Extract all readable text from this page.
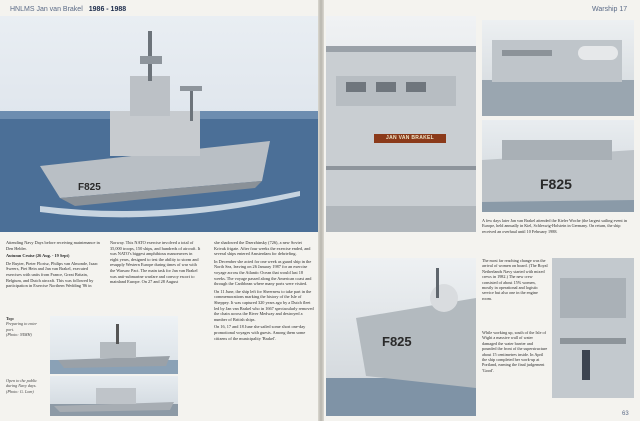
HNLMS Jan van Brakel 1986 - 1988
F825

Attending Navy Days before receiving maintenance in Den Helder.

Autumn Cruise (26 Aug. - 19 Sept)

De Ruyter, Pieter Florisz, Philips van Almonde, Isaac Sweers, Piet Hein and Jan van Brakel, executed exercises with units from France, Great Britain, Belgium, and Dutch aircraft. This was followed by participation in Exercise Northern Wedding '86 in

Top:
Preparing to enter port.
(Photo: NIMH)
Open to the public during Navy days.
(Photo: G. Lom)

Norway. This NATO exercise involved a total of 35,000 troops, 150 ships, and hundreds of aircraft. It was NATO's biggest amphibious manoeuvres in eight years, designed to test the ability to storm and resupply Western Europe during times of war with the Warsaw Pact. The main task for Jan van Brakel was anti-submarine warfare and convoy escort to mainland Europe. On 27 and 28 August

she shadowed the Dzerzhinsky (726), a new Soviet Krivak frigate. After four weeks the exercise ended, and several ships entered Amsterdam for debriefing.

In December she acted for one week as guard ship in the North Sea, leaving on 26 January 1987 for an exercise voyage across the Atlantic Ocean that would last 18 weeks. The voyage passed along the American coast and through the Caribbean where many ports were visited.

On 11 June, the ship left for Sheerness to take part in the commemorations marking the history of the Isle of Sheppey. It was captured 320 years ago by a Dutch fleet led by Jan van Brakel who in 1667 spectacularly removed the chain across the River Medway and destroyed a number of British ships.

On 16, 17 and 18 June she sailed some short one-day promotional voyages with guests. Among them some citizens of the municipality 'Brakel'.

Warship 17
JAN VAN BRAKEL
F825
A few days later Jan van Brakel attended the Kieler Woche (the largest sailing event in Europe, held annually in Kiel, Schleswig-Holstein in Germany. On return, the ship received an overhaul until 10 February 1988.
F825
The most far reaching change was the arrival of women on board. (The Royal Netherlands Navy started with mixed crews in 1982.) The new crew consisted of about 15% women, mostly in operational and logistic service but also one in the engine room.
While working up, south of the Isle of Wight a massive wall of water damaged the water barrier and pounded the front of the superstructure about 15 centimetres inside. In April the ship completed her work-up at Portland, earning the final judgement 'Good'.
63
